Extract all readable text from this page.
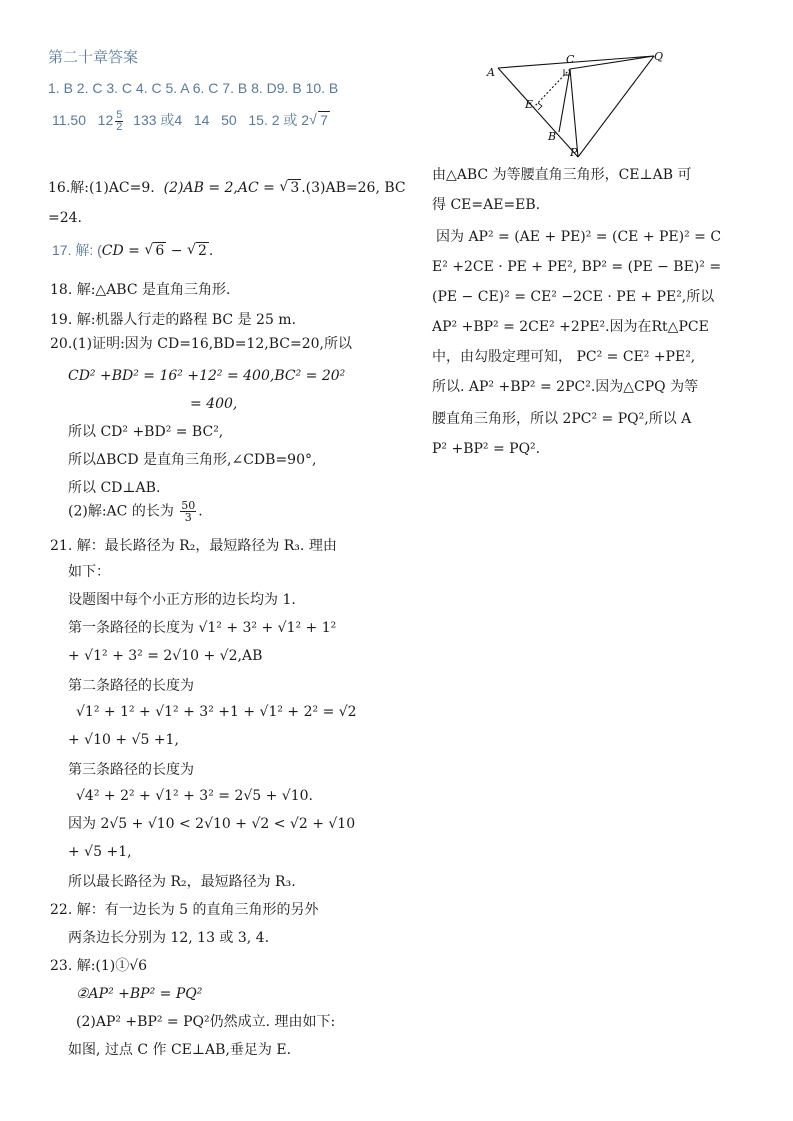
第二十章答案
1. B 2. C 3. C 4. C 5. A 6. C 7. B 8. D9. B 10. B
11.50 $12 \frac{5}{2} 133$ 或4 14 50 15. 2 或 2√ 7
16.解:(1)AC=9. (2)AB = 2,AC = √ 3 .(3)AB=26, BC
=24.
17. 解: (CD = √ 6 − √ 2 .
18. 解:△ABC 是直角三角形.
19. 解:机器人行走的路程 BC 是 25 m.
20.(1)证明:因为 CD=16,BD=12,BC=20,所以
CD² +BD² = 16² +12² = 400,BC² = 20²
= 400,
所以 CD² +BD² = BC²,
所以ΔBCD 是直角三角形,∠CDB=90°,
所以 CD⊥AB.
(2)解:AC 的长为 $\frac{50}{3}$ .
21. 解：最长路径为 R₂，最短路径为 R₃. 理由
如下：
设题图中每个小正方形的边长均为 1.
第一条路径的长度为 √1² + 3² + √1² + 1²
+ √1² + 3² = 2√10 + √2,AB
第二条路径的长度为
√1² + 1² + √1² + 3² +1 + √1² + 2² = √2
+ √10 + √5 +1,
第三条路径的长度为
√4² + 2² + √1² + 3² = 2√5 + √10.
因为 2√5 + √10 < 2√10 + √2 < √2 + √10
+ √5 +1,
所以最长路径为 R₂，最短路径为 R₃.
22. 解：有一边长为 5 的直角三角形的另外
两条边长分别为 12, 13 或 3, 4.
23. 解:(1)①√6
②AP² +BP² = PQ²
(2)AP² +BP² = PQ²仍然成立. 理由如下:
如图, 过点 C 作 CE⊥AB,垂足为 E.
A
C	Q
E
B
P
由△ABC 为等腰直角三角形，CE⊥AB 可
得 CE=AE=EB.
因为 AP² = (AE + PE)² = (CE + PE)² = C
E² +2CE · PE + PE², BP² = (PE − BE)² =
(PE − CE)² = CE² −2CE · PE + PE²,所以
AP² +BP² = 2CE² +2PE².因为在Rt△PCE
中，由勾股定理可知， PC² = CE² +PE²,
所以. AP² +BP² = 2PC².因为△CPQ 为等
腰直角三角形，所以 2PC² = PQ²,所以 A
P² +BP² = PQ².
